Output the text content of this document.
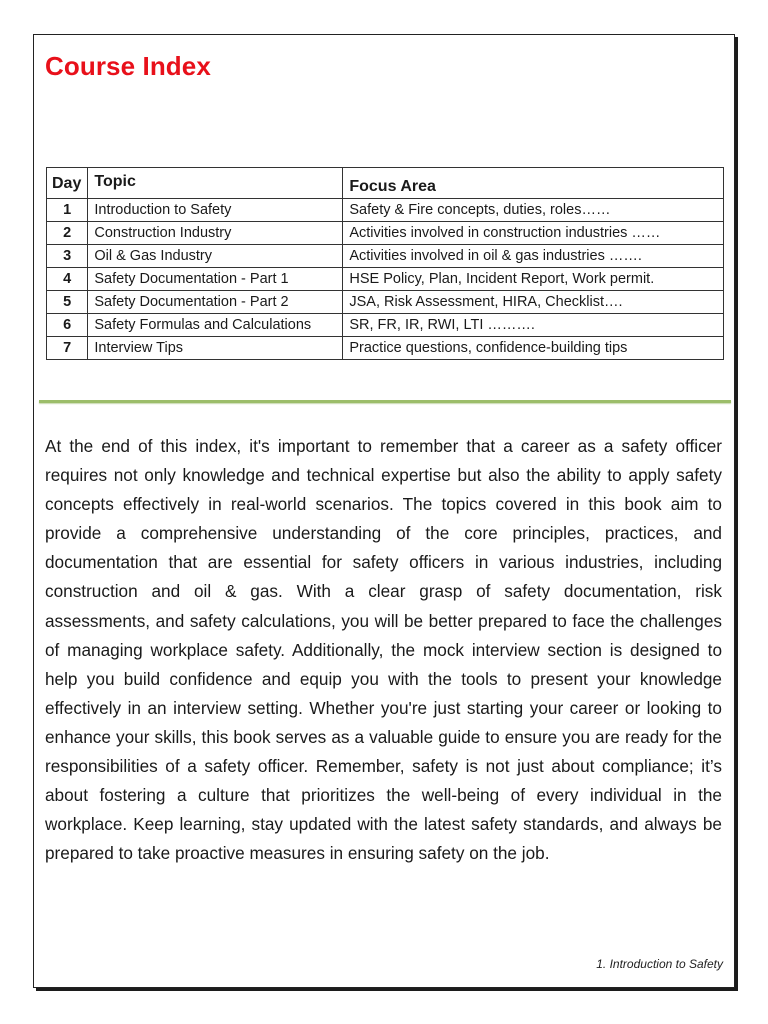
Course Index
Day	Topic	Focus Area
1	Introduction to Safety	Safety & Fire concepts, duties, roles……
2	Construction Industry	Activities involved in construction industries ……
3	Oil & Gas Industry	Activities involved in oil & gas industries …….
4	Safety Documentation - Part 1	HSE Policy, Plan, Incident Report, Work permit.
5	Safety Documentation - Part 2	JSA, Risk Assessment, HIRA, Checklist….
6	Safety Formulas and Calculations	SR, FR, IR, RWI, LTI ……….
7	Interview Tips	Practice questions, confidence-building tips

At the end of this index, it's important to remember that a career as a safety officer requires not only knowledge and technical expertise but also the ability to apply safety concepts effectively in real-world scenarios. The topics covered in this book aim to provide a comprehensive understanding of the core principles, practices, and documentation that are essential for safety officers in various industries, including construction and oil & gas. With a clear grasp of safety documentation, risk assessments, and safety calculations, you will be better prepared to face the challenges of managing workplace safety. Additionally, the mock interview section is designed to help you build confidence and equip you with the tools to present your knowledge effectively in an interview setting. Whether you're just starting your career or looking to enhance your skills, this book serves as a valuable guide to ensure you are ready for the responsibilities of a safety officer. Remember, safety is not just about compliance; it’s about fostering a culture that prioritizes the well-being of every individual in the workplace. Keep learning, stay updated with the latest safety standards, and always be prepared to take proactive measures in ensuring safety on the job.

1. Introduction to Safety
